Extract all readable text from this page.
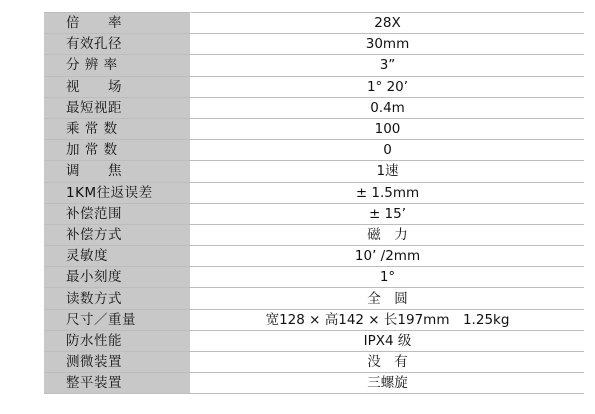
倍　　率	28X
有效孔径	30mm
分 辨 率	3”
视　　场	1° 20’
最短视距	0.4m
乘 常 数	100
加 常 数	0
调　　焦	1速
1KM往返误差	± 1.5mm
补偿范围	± 15’
补偿方式	磁　力
灵敏度	10’ /2mm
最小刻度	1°
读数方式	全　圆
尺寸／重量	宽128 × 高142 × 长197mm　1.25kg
防水性能	IPX4 级
测微装置	没　有
整平装置	三螺旋
